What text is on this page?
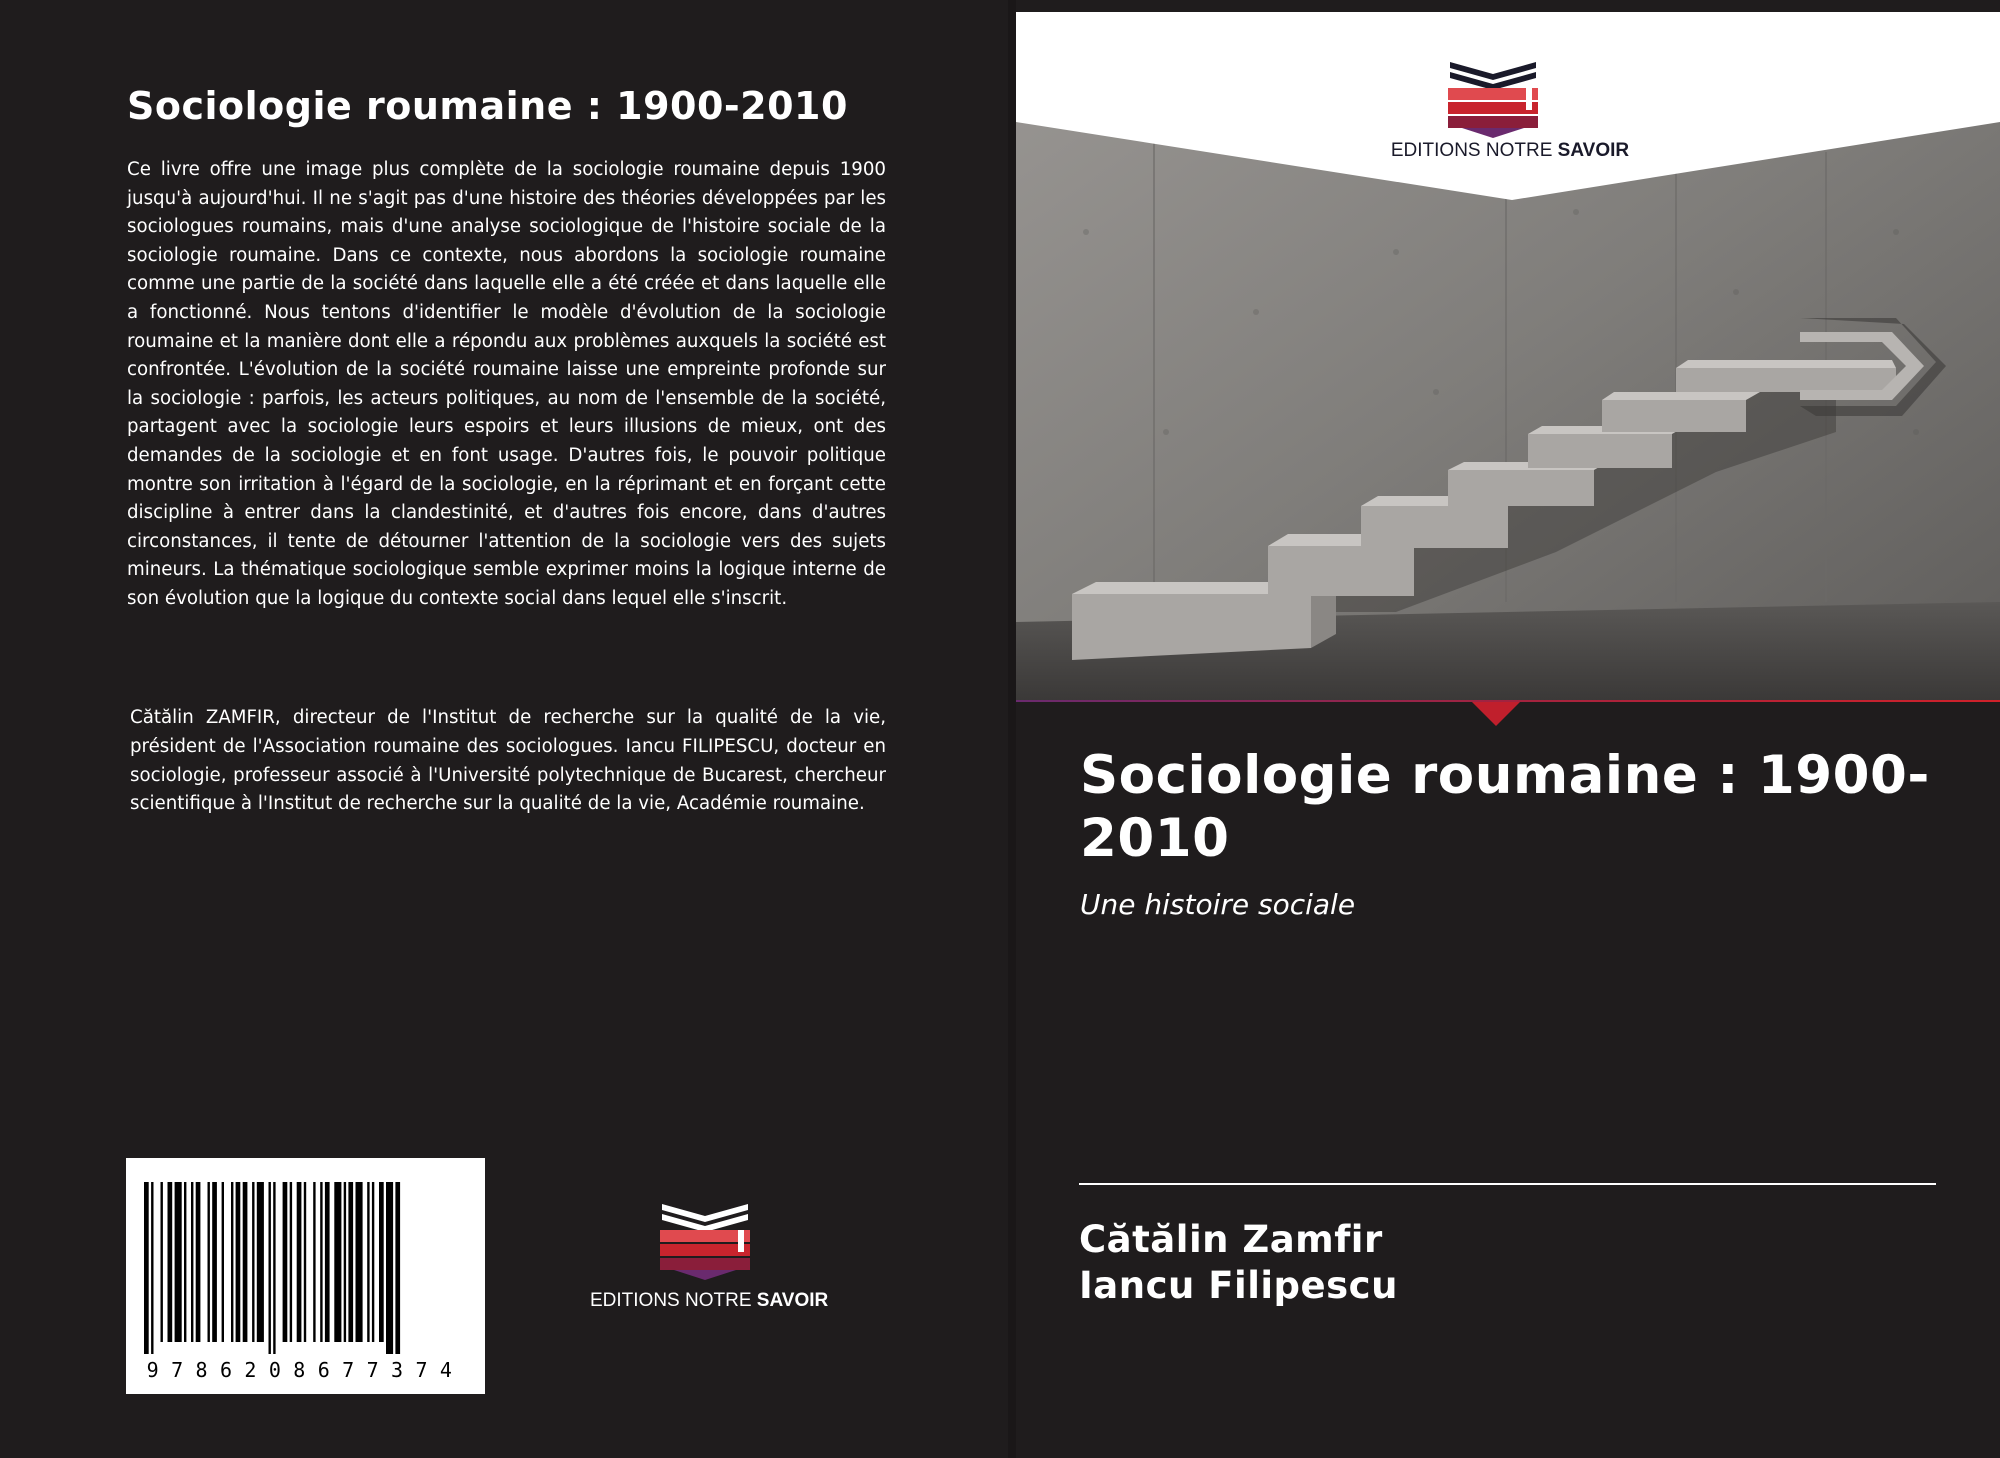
Sociologie roumaine : 1900-2010

Ce livre offre une image plus complète de la sociologie roumaine depuis 1900 jusqu'à aujourd'hui. Il ne s'agit pas d'une histoire des théories développées par les sociologues roumains, mais d'une analyse sociologique de l'histoire sociale de la sociologie roumaine. Dans ce contexte, nous abordons la sociologie roumaine comme une partie de la société dans laquelle elle a été créée et dans laquelle elle a fonctionné. Nous tentons d'identifier le modèle d'évolution de la sociologie roumaine et la manière dont elle a répondu aux problèmes auxquels la société est confrontée. L'évolution de la société roumaine laisse une empreinte profonde sur la sociologie : parfois, les acteurs politiques, au nom de l'ensemble de la société, partagent avec la sociologie leurs espoirs et leurs illusions de mieux, ont des demandes de la sociologie et en font usage. D'autres fois, le pouvoir politique montre son irritation à l'égard de la sociologie, en la réprimant et en forçant cette discipline à entrer dans la clandestinité, et d'autres fois encore, dans d'autres circonstances, il tente de détourner l'attention de la sociologie vers des sujets mineurs. La thématique sociologique semble exprimer moins la logique interne de son évolution que la logique du contexte social dans lequel elle s'inscrit.

Cătălin ZAMFIR, directeur de l'Institut de recherche sur la qualité de la vie, président de l'Association roumaine des sociologues. Iancu FILIPESCU, docteur en sociologie, professeur associé à l'Université polytechnique de Bucarest, chercheur scientifique à l'Institut de recherche sur la qualité de la vie, Académie roumaine.

9786208677374
EDITIONS NOTRE SAVOIR
EDITIONS NOTRE SAVOIR
Sociologie roumaine : 1900-2010
Une histoire sociale
Cătălin Zamfir
Iancu Filipescu
